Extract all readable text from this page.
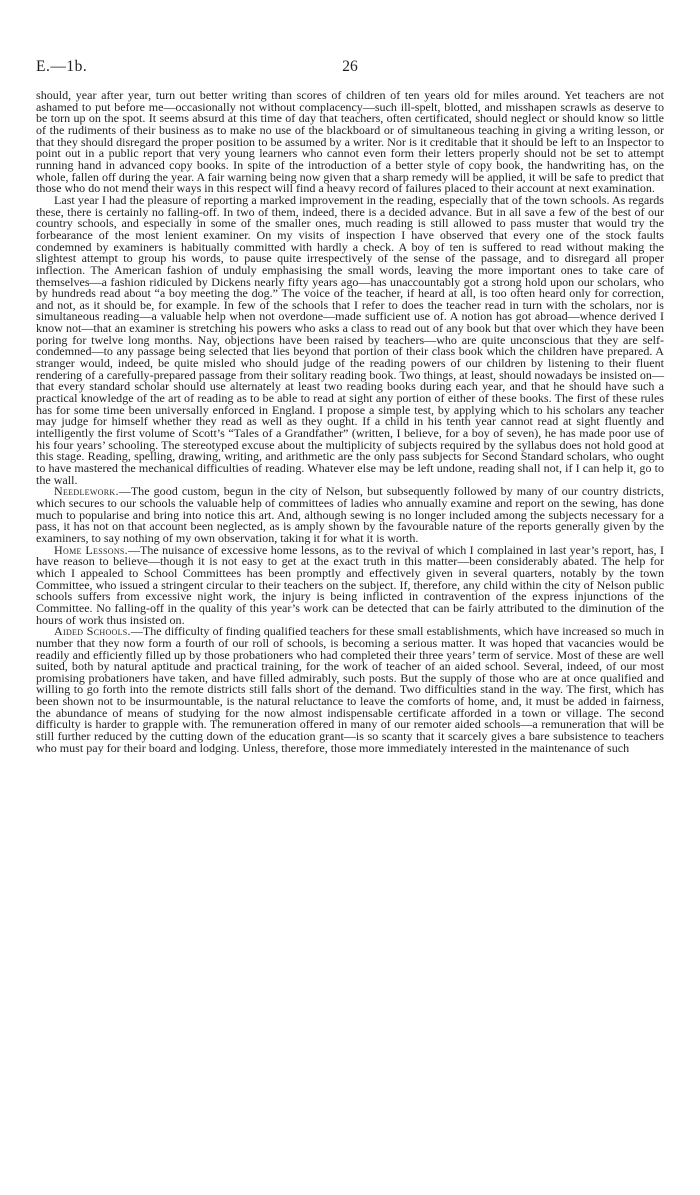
E.—1b.	26

should, year after year, turn out better writing than scores of children of ten years old for miles around. Yet teachers are not ashamed to put before me—occasionally not without complacency—such ill-spelt, blotted, and misshapen scrawls as deserve to be torn up on the spot. It seems absurd at this time of day that teachers, often certificated, should neglect or should know so little of the rudiments of their business as to make no use of the blackboard or of simultaneous teaching in giving a writing lesson, or that they should disregard the proper position to be assumed by a writer. Nor is it creditable that it should be left to an Inspector to point out in a public report that very young learners who cannot even form their letters properly should not be set to attempt running hand in advanced copy books. In spite of the introduction of a better style of copy book, the handwriting has, on the whole, fallen off during the year. A fair warning being now given that a sharp remedy will be applied, it will be safe to predict that those who do not mend their ways in this respect will find a heavy record of failures placed to their account at next examination.

Last year I had the pleasure of reporting a marked improvement in the reading, especially that of the town schools. As regards these, there is certainly no falling-off. In two of them, indeed, there is a decided advance. But in all save a few of the best of our country schools, and especially in some of the smaller ones, much reading is still allowed to pass muster that would try the forbearance of the most lenient examiner. On my visits of inspection I have observed that every one of the stock faults condemned by examiners is habitually committed with hardly a check. A boy of ten is suffered to read without making the slightest attempt to group his words, to pause quite irrespectively of the sense of the passage, and to disregard all proper inflection. The American fashion of unduly emphasising the small words, leaving the more important ones to take care of themselves—a fashion ridiculed by Dickens nearly fifty years ago—has unaccountably got a strong hold upon our scholars, who by hundreds read about “a boy meeting the dog.” The voice of the teacher, if heard at all, is too often heard only for correction, and not, as it should be, for example. In few of the schools that I refer to does the teacher read in turn with the scholars, nor is simultaneous reading—a valuable help when not overdone—made sufficient use of. A notion has got abroad—whence derived I know not—that an examiner is stretching his powers who asks a class to read out of any book but that over which they have been poring for twelve long months. Nay, objections have been raised by teachers—who are quite unconscious that they are self-condemned—to any passage being selected that lies beyond that portion of their class book which the children have prepared. A stranger would, indeed, be quite misled who should judge of the reading powers of our children by listening to their fluent rendering of a carefully-prepared passage from their solitary reading book. Two things, at least, should nowadays be insisted on—that every standard scholar should use alternately at least two reading books during each year, and that he should have such a practical knowledge of the art of reading as to be able to read at sight any portion of either of these books. The first of these rules has for some time been universally enforced in England. I propose a simple test, by applying which to his scholars any teacher may judge for himself whether they read as well as they ought. If a child in his tenth year cannot read at sight fluently and intelligently the first volume of Scott’s “Tales of a Grandfather” (written, I believe, for a boy of seven), he has made poor use of his four years’ schooling. The stereotyped excuse about the multiplicity of subjects required by the syllabus does not hold good at this stage. Reading, spelling, drawing, writing, and arithmetic are the only pass subjects for Second Standard scholars, who ought to have mastered the mechanical difficulties of reading. Whatever else may be left undone, reading shall not, if I can help it, go to the wall.

Needlework.—The good custom, begun in the city of Nelson, but subsequently followed by many of our country districts, which secures to our schools the valuable help of committees of ladies who annually examine and report on the sewing, has done much to popularise and bring into notice this art. And, although sewing is no longer included among the subjects necessary for a pass, it has not on that account been neglected, as is amply shown by the favourable nature of the reports generally given by the examiners, to say nothing of my own observation, taking it for what it is worth.

Home Lessons.—The nuisance of excessive home lessons, as to the revival of which I complained in last year’s report, has, I have reason to believe—though it is not easy to get at the exact truth in this matter—been considerably abated. The help for which I appealed to School Committees has been promptly and effectively given in several quarters, notably by the town Committee, who issued a stringent circular to their teachers on the subject. If, therefore, any child within the city of Nelson public schools suffers from excessive night work, the injury is being inflicted in contravention of the express injunctions of the Committee. No falling-off in the quality of this year’s work can be detected that can be fairly attributed to the diminution of the hours of work thus insisted on.

Aided Schools.—The difficulty of finding qualified teachers for these small establishments, which have increased so much in number that they now form a fourth of our roll of schools, is becoming a serious matter. It was hoped that vacancies would be readily and efficiently filled up by those probationers who had completed their three years’ term of service. Most of these are well suited, both by natural aptitude and practical training, for the work of teacher of an aided school. Several, indeed, of our most promising probationers have taken, and have filled admirably, such posts. But the supply of those who are at once qualified and willing to go forth into the remote districts still falls short of the demand. Two difficulties stand in the way. The first, which has been shown not to be insurmountable, is the natural reluctance to leave the comforts of home, and, it must be added in fairness, the abundance of means of studying for the now almost indispensable certificate afforded in a town or village. The second difficulty is harder to grapple with. The remuneration offered in many of our remoter aided schools—a remuneration that will be still further reduced by the cutting down of the education grant—is so scanty that it scarcely gives a bare subsistence to teachers who must pay for their board and lodging. Unless, therefore, those more immediately interested in the maintenance of such
